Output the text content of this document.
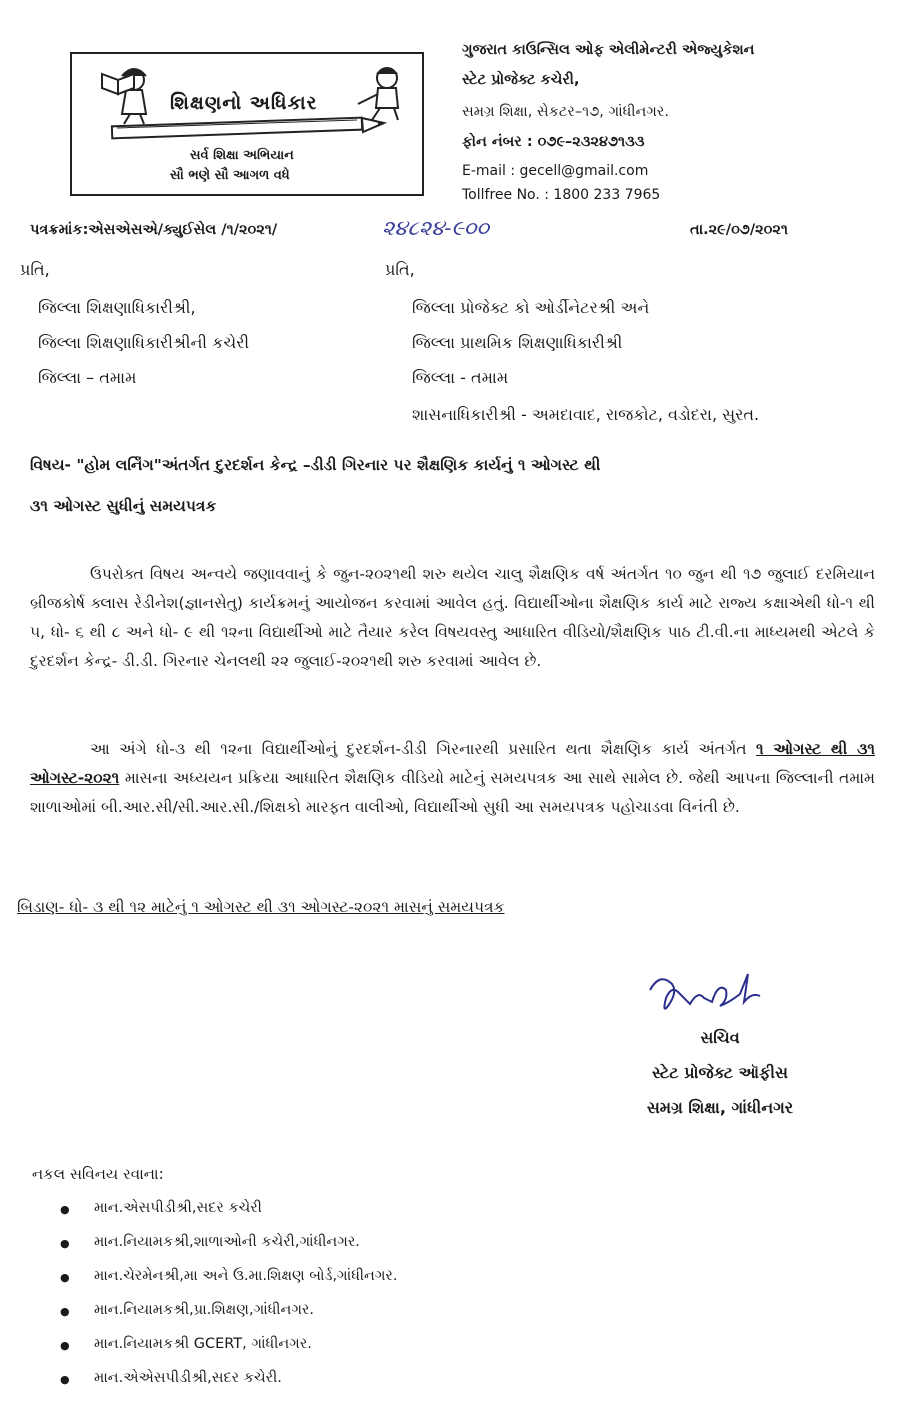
શિક્ષણનો અધિકાર
સર્વ શિક્ષા અભિયાન
સૌ ભણે સૌ આગળ વધે
ગુજરાત કાઉન્સિલ ઓફ એલીમેન્ટરી એજ્યુકેશન
સ્ટેટ પ્રોજેક્ટ કચેરી,
સમગ્ર શિક્ષા, સેકટર–૧૭, ગાંધીનગર.
ફોન નંબર : ૦૭૯–૨૩૨૪૭૧૩૩
E-mail : gecell@gmail.com
Tollfree No. : 1800 233 7965
પત્રક્રમાંક:એસએસએ/ક્યુઈસેલ /૧/૨૦૨૧/	૨૪૮૨૪-૯૦૦	તા.૨૯/૦૭/૨૦૨૧
પ્રતિ,
જિલ્લા શિક્ષણાધિકારીશ્રી,
જિલ્લા શિક્ષણાધિકારીશ્રીની કચેરી
જિલ્લા – તમામ
પ્રતિ,
જિલ્લા પ્રોજેક્ટ કો ઓર્ડીનેટરશ્રી અને
જિલ્લા પ્રાથમિક શિક્ષણાધિકારીશ્રી
જિલ્લા - તમામ
શાસનાધિકારીશ્રી - અમદાવાદ, રાજકોટ, વડોદરા, સુરત.
વિષય- "હોમ લર્નિંગ"અંતર્ગત દુરદર્શન કેન્દ્ર –ડીડી ગિરનાર પર શૈક્ષણિક કાર્યનું ૧ ઓગસ્ટ થી
૩૧ ઓગસ્ટ સુધીનું સમયપત્રક
ઉપરોક્ત વિષય અન્વયે જણાવવાનું કે જુન-૨૦૨૧થી શરુ થયેલ ચાલુ શૈક્ષણિક વર્ષ અંતર્ગત ૧૦ જુન થી ૧૭ જુલાઈ દરમિયાન બ્રીજકોર્ષ ક્લાસ રેડીનેશ(જ્ઞાનસેતુ) કાર્યક્રમનું આયોજન કરવામાં આવેલ હતું. વિદ્યાર્થીઓના શૈક્ષણિક કાર્ય માટે રાજ્ય કક્ષાએથી ધો-૧ થી ૫, ધો- ૬ થી ૮ અને ધો- ૯ થી ૧૨ના વિદ્યાર્થીઓ માટે તૈયાર કરેલ વિષયવસ્તુ આધારિત વીડિયો/શૈક્ષણિક પાઠ ટી.વી.ના માધ્યમથી એટલે કે દુરદર્શન કેન્દ્ર- ડી.ડી. ગિરનાર ચેનલથી ૨૨ જુલાઈ-૨૦૨૧થી શરુ કરવામાં આવેલ છે.
આ અંગે ધો-૩ થી ૧૨ના વિદ્યાર્થીઓનું દુરદર્શન-ડીડી ગિરનારથી પ્રસારિત થતા શૈક્ષણિક કાર્ય અંતર્ગત ૧ ઓગસ્ટ થી ૩૧ ઓગસ્ટ-૨૦૨૧ માસના અધ્યયન પ્રક્રિયા આધારિત શૈક્ષણિક વીડિયો માટેનું સમયપત્રક આ સાથે સામેલ છે. જેથી આપના જિલ્લાની તમામ શાળાઓમાં બી.આર.સી/સી.આર.સી./શિક્ષકો મારફત વાલીઓ, વિદ્યાર્થીઓ સુધી આ સમયપત્રક પહોચાડવા વિનંતી છે.
બિડાણ- ધો- ૩ થી ૧૨ માટેનું ૧ ઓગસ્ટ થી ૩૧ ઓગસ્ટ-૨૦૨૧ માસનું સમયપત્રક
સચિવ
સ્ટેટ પ્રોજેક્ટ ઑફીસ
સમગ્ર શિક્ષા, ગાંધીનગર
નકલ સવિનય રવાના:
● માન.એસપીડીશ્રી,સદર કચેરી
● માન.નિયામકશ્રી,શાળાઓની કચેરી,ગાંધીનગર.
● માન.ચેરમેનશ્રી,મા અને ઉ.મા.શિક્ષણ બોર્ડ,ગાંધીનગર.
● માન.નિયામકશ્રી,પ્રા.શિક્ષણ,ગાંધીનગર.
● માન.નિયામકશ્રી GCERT, ગાંધીનગર.
● માન.એએસપીડીશ્રી,સદર કચેરી.
